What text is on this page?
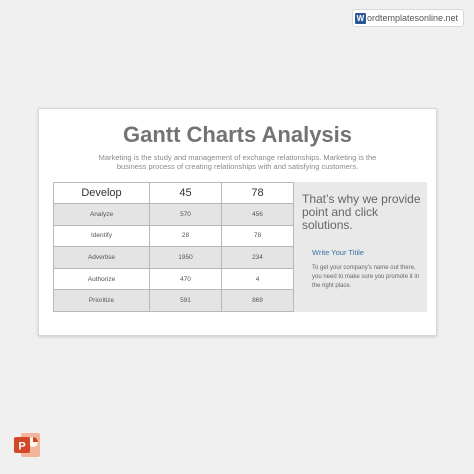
W ordtemplatesonline.net
Gantt Charts Analysis
Marketing is the study and management of exchange relationships. Marketing is the business process of creating relationships with and satisfying customers.
Develop	45	78
Analyze	570	456
Identify	28	78
Advertise	1950	234
Authorize	470	4
Prioritize	591	869
That’s why we provide point and click solutions.
Write Your Titile
To get your company’s name out there, you need to make sure you promote it in the right place.
P
